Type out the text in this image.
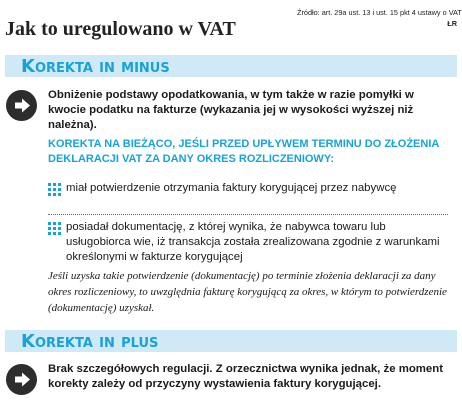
Jak to uregulowano w VAT
Źródło: art. 29a ust. 13 i ust. 15 pkt 4 ustawy o VAT
ŁR
Korekta in minus
Obniżenie podstawy opodatkowania, w tym także w razie pomyłki w kwocie podatku na fakturze (wykazania jej w wysokości wyższej niż należna).
KOREKTA NA BIEŻĄCO, JEŚLI PRZED UPŁYWEM TERMINU DO ZŁOŻENIA DEKLARACJI VAT ZA DANY OKRES ROZLICZENIOWY:
miał potwierdzenie otrzymania faktury korygującej przez nabywcę
posiadał dokumentację, z której wynika, że nabywca towaru lub usługobiorca wie, iż transakcja została zrealizowana zgodnie z warunkami określonymi w fakturze korygującej
Jeśli uzyska takie potwierdzenie (dokumentację) po terminie złożenia deklaracji za dany okres rozliczeniowy, to uwzględnia fakturę korygującą za okres, w którym to potwierdzenie (dokumentację) uzyskał.
Korekta in plus
Brak szczegółowych regulacji. Z orzecznictwa wynika jednak, że moment korekty zależy od przyczyny wystawienia faktury korygującej.
